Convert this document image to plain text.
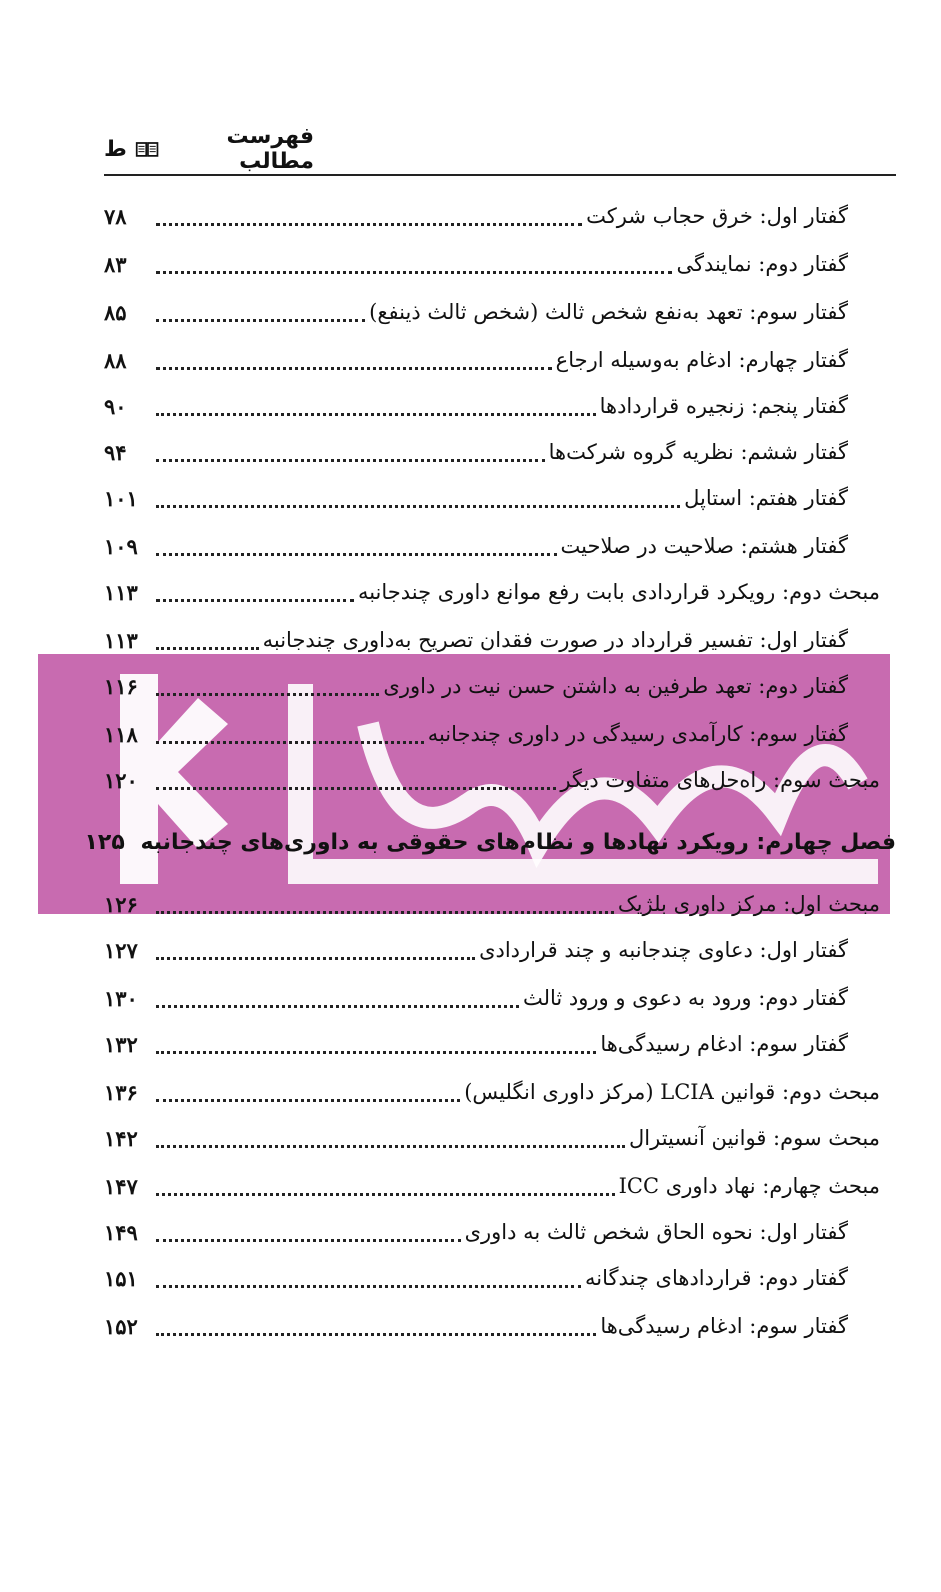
فهرست مطالب
ط
گفتار اول: خرق حجاب شرکت
۷۸
گفتار دوم: نمایندگی
۸۳
گفتار سوم: تعهد به‌نفع شخص ثالث (شخص ثالث ذینفع)
۸۵
گفتار چهارم: ادغام به‌وسیله ارجاع
۸۸
گفتار پنجم: زنجیره قراردادها
۹۰
گفتار ششم: نظریه گروه شرکت‌ها
۹۴
گفتار هفتم: استاپل
۱۰۱
گفتار هشتم: صلاحیت در صلاحیت
۱۰۹
مبحث دوم: رویکرد قراردادی بابت رفع موانع داوری چندجانبه
۱۱۳
گفتار اول: تفسیر قرارداد در صورت فقدان تصریح به‌داوری چندجانبه
۱۱۳
گفتار دوم: تعهد طرفین به داشتن حسن نیت در داوری
۱۱۶
گفتار سوم: کارآمدی رسیدگی در داوری چندجانبه
۱۱۸
مبحث سوم: راه‌حل‌های متفاوت دیگر
۱۲۰
فصل چهارم: رویکرد نهادها و نظام‌های حقوقی به داوری‌های چندجانبه
۱۲۵
مبحث اول: مرکز داوری بلژیک
۱۲۶
گفتار اول: دعاوی چندجانبه و چند قراردادی
۱۲۷
گفتار دوم: ورود به دعوی و ورود ثالث
۱۳۰
گفتار سوم: ادغام رسیدگی‌ها
۱۳۲
مبحث دوم: قوانین LCIA (مرکز داوری انگلیس)
۱۳۶
مبحث سوم: قوانین آنسیترال
۱۴۲
مبحث چهارم: نهاد داوری ICC
۱۴۷
گفتار اول: نحوه الحاق شخص ثالث به داوری
۱۴۹
گفتار دوم: قراردادهای چندگانه
۱۵۱
گفتار سوم: ادغام رسیدگی‌ها
۱۵۲
